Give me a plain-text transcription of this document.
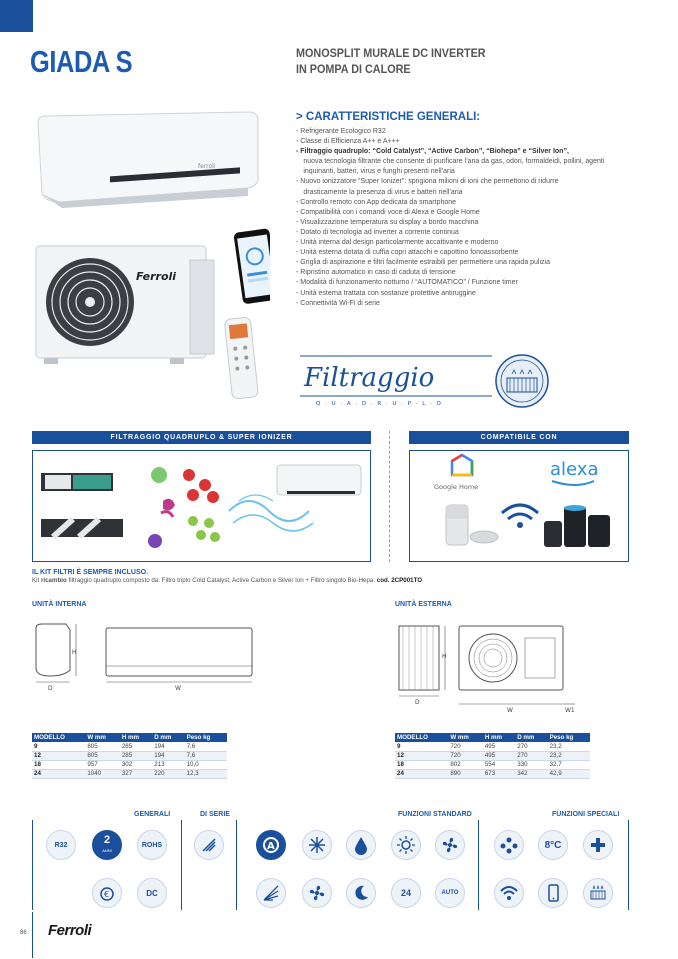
GIADA S	MONOSPLIT MURALE DC INVERTER
IN POMPA DI CALORE
ferroli
Ferroli
> CARATTERISTICHE GENERALI:
- Refrigerante Ecologico R32
- Classe di Efficienza A++ e A+++
- Filtraggio quadruplo: “Cold Catalyst”, “Active Carbon”, “Biohepa” e “Silver Ion”,
nuova tecnologia filtrante che consente di purificare l’aria da gas, odori, formaldeidi, pollini, agenti
inquinanti, batteri, virus e funghi presenti nell’aria
- Nuovo ionizzatore “Super Ionizer”: sprigiona milioni di ioni che permettono di ridurre
drasticamente la presenza di virus e batteri nell’aria
- Controllo remoto con App dedicata da smartphone
- Compatibilità con i comandi voce di Alexa e Google Home
- Visualizzazione temperatura su display a bordo macchina
- Dotato di tecnologia ad inverter a corrente continua
- Unità interna dal design particolarmente accattivante e moderno
- Unità esterna dotata di cuffia copri attacchi e capottino fonoassorbente
- Griglia di aspirazione e filtri facilmente estraibili per permettere una rapida pulizia
- Ripristino automatico in caso di caduta di tensione
- Modalità di funzionamento notturno / “AUTOMATICO” / Funzione timer
- Unità esterna trattata con sostanze protettive antiruggine
- Connettività Wi-Fi di serie
Filtraggio
Q · U · A · D · R · U · P · L · O
FILTRAGGIO QUADRUPLO & SUPER IONIZER	COMPATIBILE CON
Google Home
alexa
IL KIT FILTRI È SEMPRE INCLUSO.
Kit ricambio filtraggio quadruplo composto da: Filtro triplo Cold Catalyst, Active Carbon e Silver Ion + Filtro singolo Bio-Hepa: cod. 2CP001TO
UNITÀ INTERNA	UNITÀ ESTERNA
H
D	W
H
D
W	W1
MODELLO	W mm	H mm	D mm	Peso kg
9	805	285	194	7,6
12	805	285	194	7,6
18	957	302	213	10,0
24	1040	327	220	12,3
MODELLO	W mm	H mm	D mm	Peso kg
9	720	495	270	23,2
12	720	495	270	23,2
18	802	554	330	32,7
24	890	673	342	42,9
GENERALI	DI SERIE	FUNZIONI STANDARD	FUNZIONI SPECIALI
R32	2
ANNI
ROHS	A	8°C
€	DC	24	AUTO
86 Ferroli
